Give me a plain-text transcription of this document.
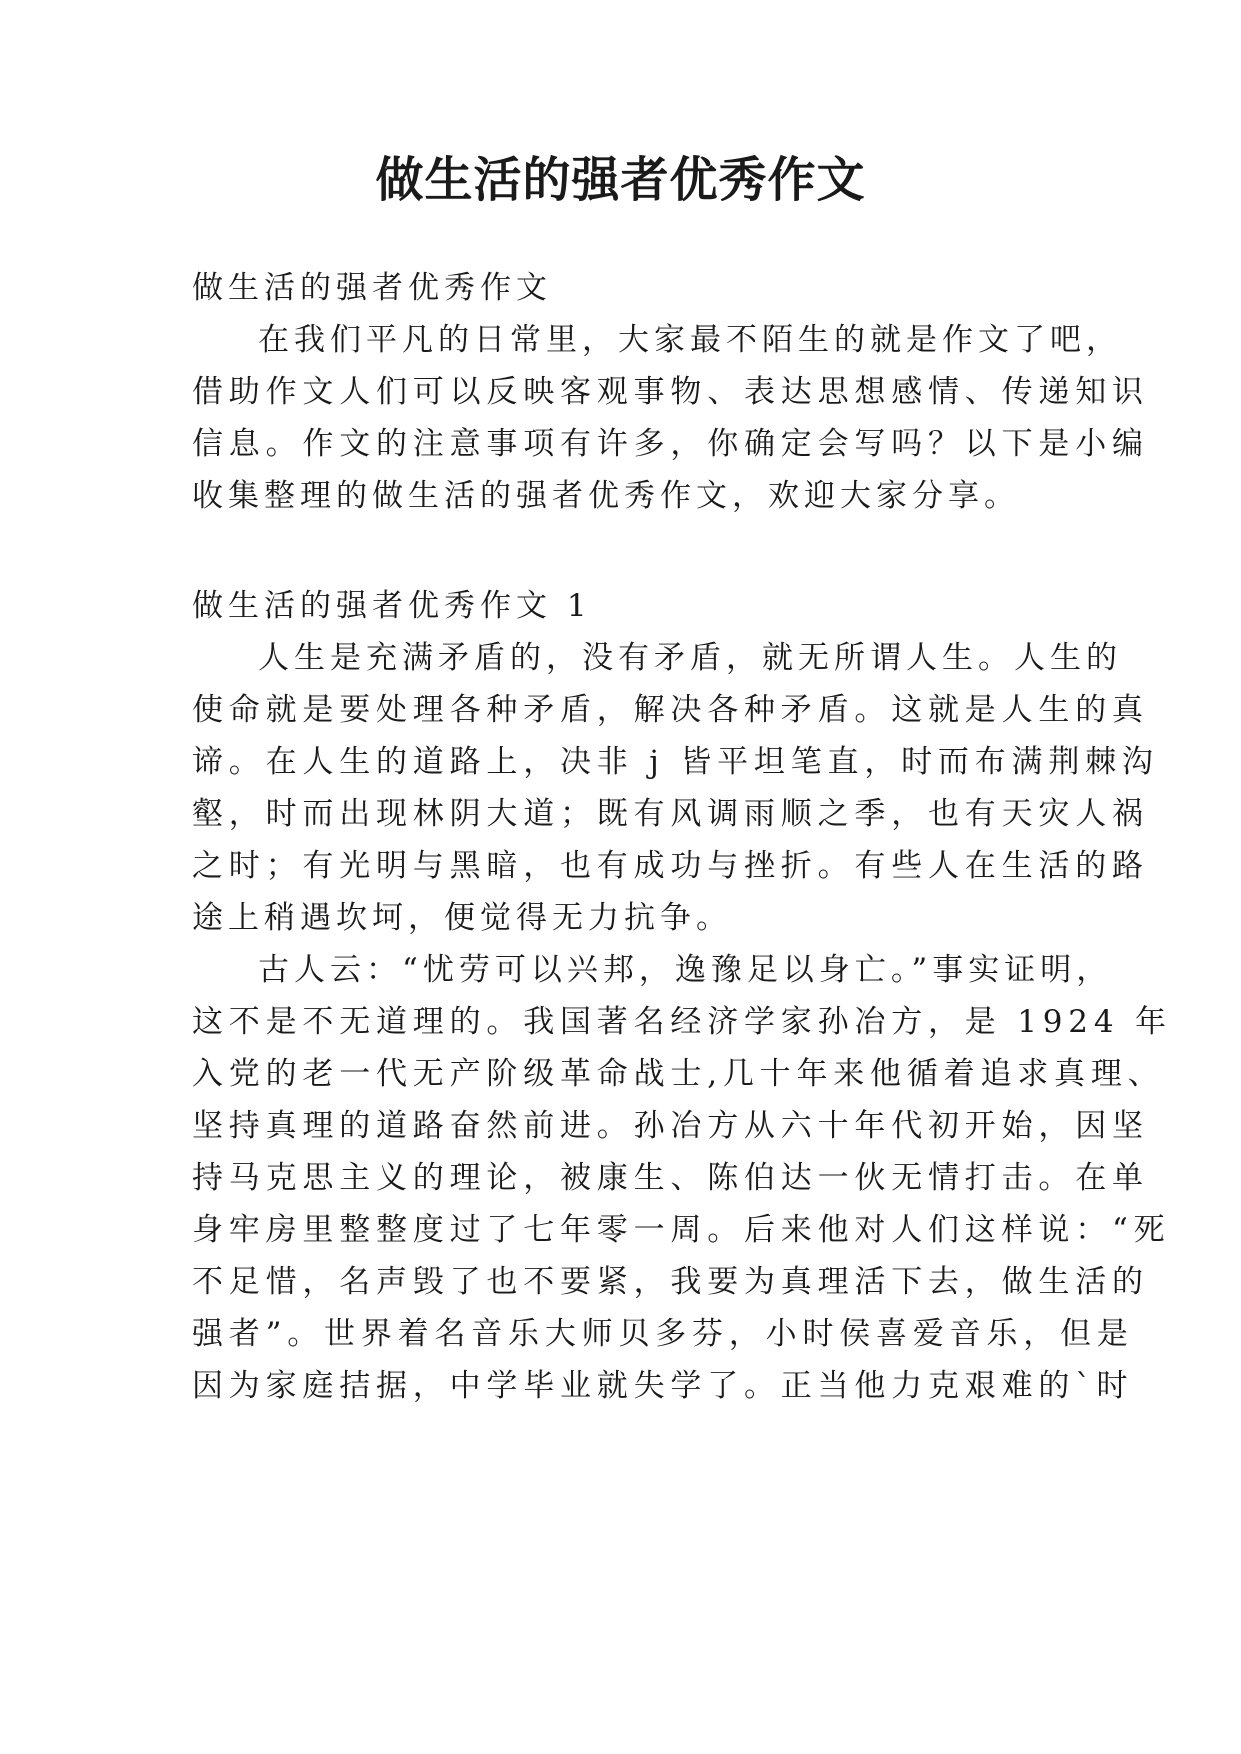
做生活的强者优秀作文
做生活的强者优秀作文
在我们平凡的日常里，大家最不陌生的就是作文了吧，
借助作文人们可以反映客观事物、表达思想感情、传递知识
信息。作文的注意事项有许多，你确定会写吗？以下是小编
收集整理的做生活的强者优秀作文，欢迎大家分享。
做生活的强者优秀作文 1
人生是充满矛盾的，没有矛盾，就无所谓人生。人生的
使命就是要处理各种矛盾，解决各种矛盾。这就是人生的真
谛。在人生的道路上，决非 j 皆平坦笔直，时而布满荆棘沟
壑，时而出现林阴大道；既有风调雨顺之季，也有天灾人祸
之时；有光明与黑暗，也有成功与挫折。有些人在生活的路
途上稍遇坎坷，便觉得无力抗争。
古人云：“忧劳可以兴邦，逸豫足以身亡。”事实证明，
这不是不无道理的。我国著名经济学家孙冶方，是 1924 年
入党的老一代无产阶级革命战士,几十年来他循着追求真理、
坚持真理的道路奋然前进。孙冶方从六十年代初开始，因坚
持马克思主义的理论，被康生、陈伯达一伙无情打击。在单
身牢房里整整度过了七年零一周。后来他对人们这样说：“死
不足惜，名声毁了也不要紧，我要为真理活下去，做生活的
强者”。世界着名音乐大师贝多芬，小时侯喜爱音乐，但是
因为家庭拮据，中学毕业就失学了。正当他力克艰难的`时
